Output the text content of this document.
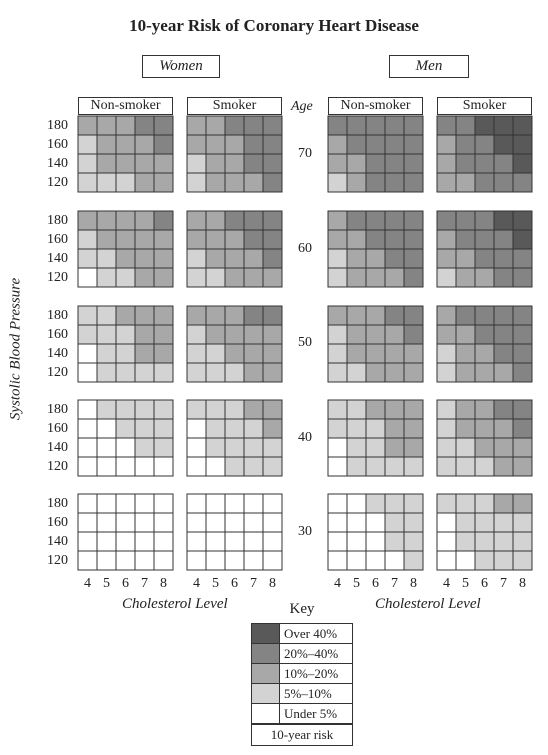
10-year Risk of Coronary Heart Disease
Women	Men
Non-smoker	Smoker	Non-smoker	Smoker
Age
70
60
50
40
30
180
160
140
120
180
160
140
120
180
160
140
120
180
160
140
120
180
160
140
120
4 5 6 7 8	4 5 6 7 8	4 5 6 7 8	4 5 6 7 8
Cholesterol Level	Cholesterol Level
Systolic Blood Pressure
Key
Over 40%
20%–40%
10%–20%
5%–10%
Under 5%
10-year risk
